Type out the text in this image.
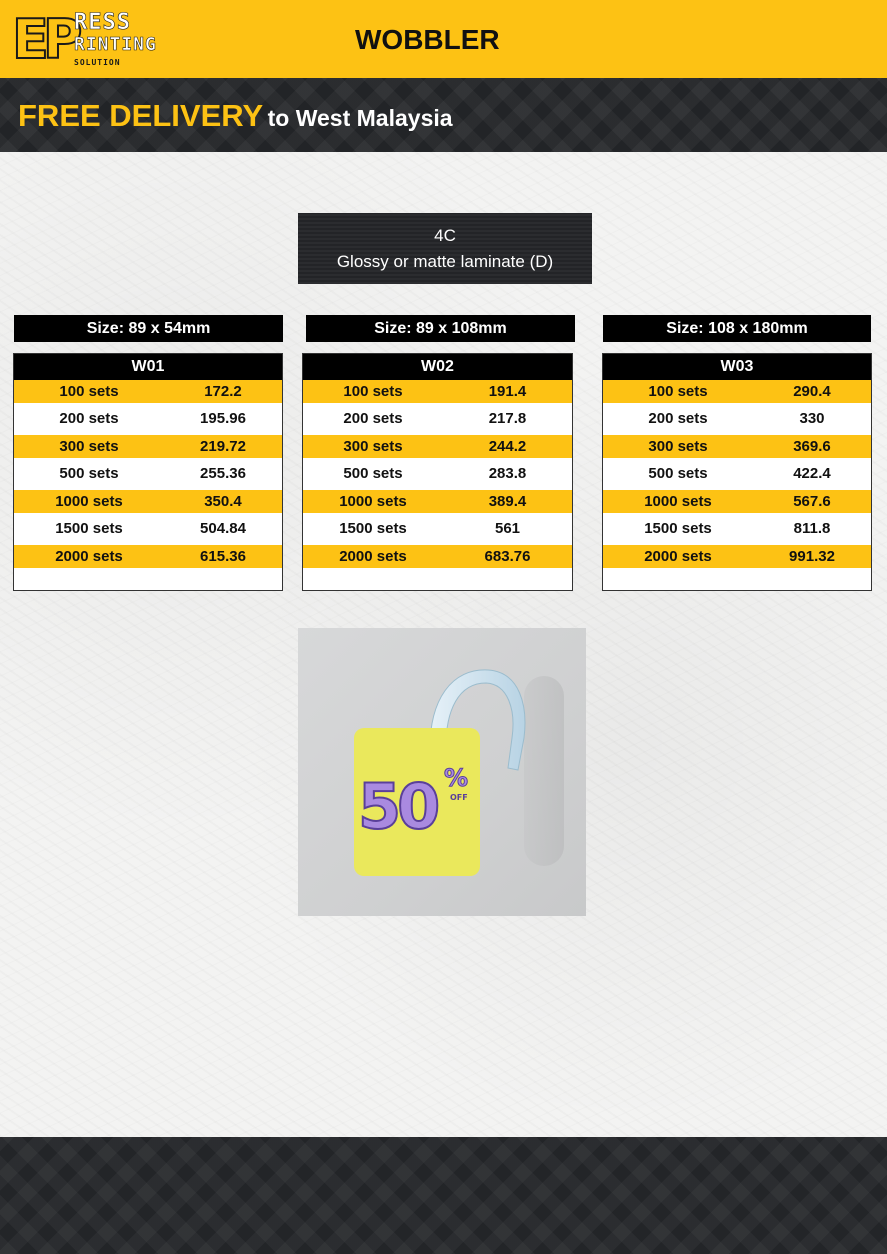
EP
RESS
RINTING
SOLUTION
WOBBLER
FREE DELIVERY to West Malaysia
4C
Glossy or matte laminate (D)
Size: 89 x 54mm	Size: 89 x 108mm	Size: 108 x 180mm
W01
100 sets	172.2
200 sets	195.96
300 sets	219.72
500 sets	255.36
1000 sets	350.4
1500 sets	504.84
2000 sets	615.36
W02
100 sets	191.4
200 sets	217.8
300 sets	244.2
500 sets	283.8
1000 sets	389.4
1500 sets	561
2000 sets	683.76
W03
100 sets	290.4
200 sets	330
300 sets	369.6
500 sets	422.4
1000 sets	567.6
1500 sets	811.8
2000 sets	991.32
50 %
OFF
